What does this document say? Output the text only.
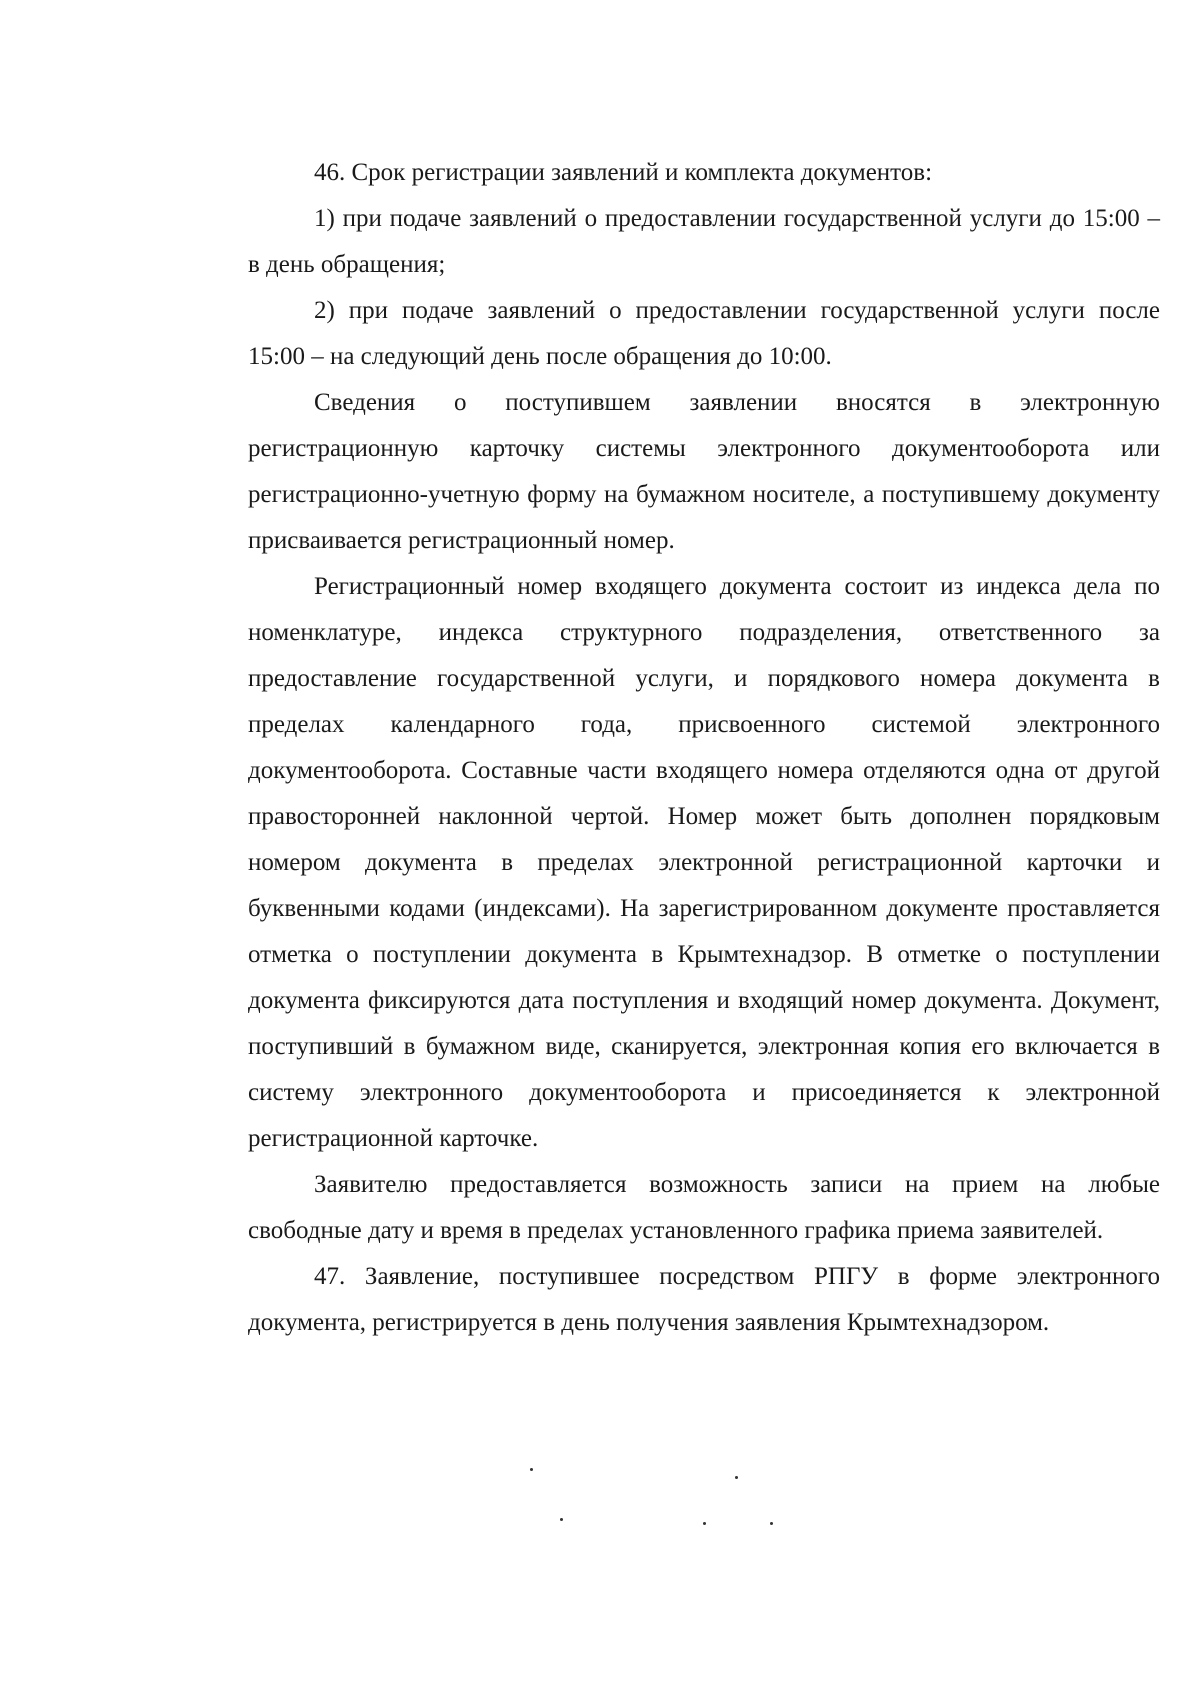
46. Срок регистрации заявлений и комплекта документов:

1) при подаче заявлений о предоставлении государственной услуги до 15:00 – в день обращения;

2) при подаче заявлений о предоставлении государственной услуги после 15:00 – на следующий день после обращения до 10:00.

Сведения о поступившем заявлении вносятся в электронную регистрационную карточку системы электронного документооборота или регистрационно-учетную форму на бумажном носителе, а поступившему документу присваивается регистрационный номер.

Регистрационный номер входящего документа состоит из индекса дела по номенклатуре, индекса структурного подразделения, ответственного за предоставление государственной услуги, и порядкового номера документа в пределах календарного года, присвоенного системой электронного документооборота. Составные части входящего номера отделяются одна от другой правосторонней наклонной чертой. Номер может быть дополнен порядковым номером документа в пределах электронной регистрационной карточки и буквенными кодами (индексами). На зарегистрированном документе проставляется отметка о поступлении документа в Крымтехнадзор. В отметке о поступлении документа фиксируются дата поступления и входящий номер документа. Документ, поступивший в бумажном виде, сканируется, электронная копия его включается в систему электронного документооборота и присоединяется к электронной регистрационной карточке.

Заявителю предоставляется возможность записи на прием на любые свободные дату и время в пределах установленного графика приема заявителей.

47. Заявление, поступившее посредством РПГУ в форме электронного документа, регистрируется в день получения заявления Крымтехнадзором.
